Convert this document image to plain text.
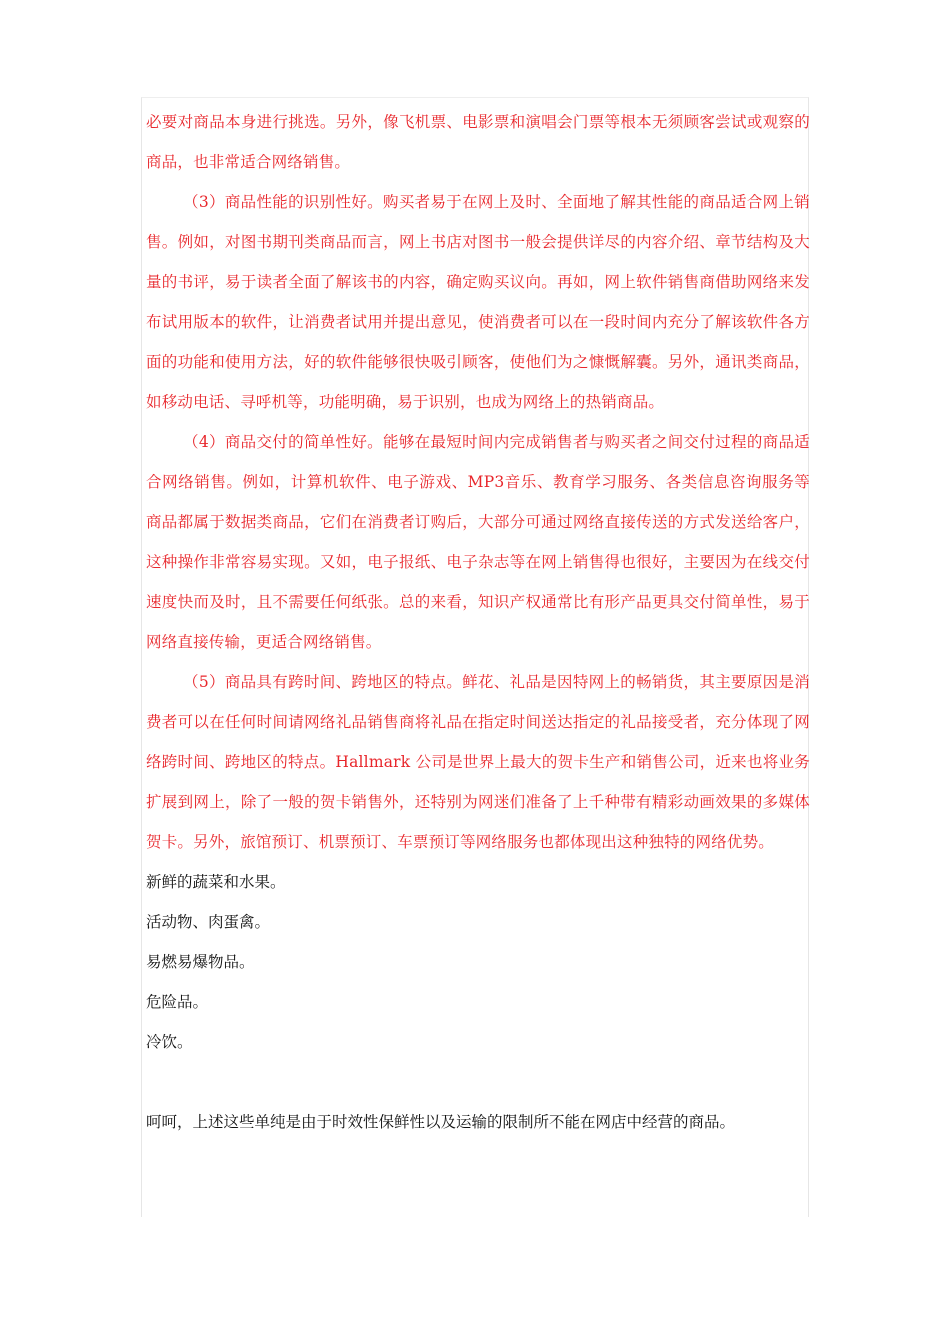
必要对商品本身进行挑选。另外，像飞机票、电影票和演唱会门票等根本无须顾客尝试或观察的商品，也非常适合网络销售。

（3）商品性能的识别性好。购买者易于在网上及时、全面地了解其性能的商品适合网上销售。例如，对图书期刊类商品而言，网上书店对图书一般会提供详尽的内容介绍、章节结构及大量的书评，易于读者全面了解该书的内容，确定购买议向。再如，网上软件销售商借助网络来发布试用版本的软件，让消费者试用并提出意见，使消费者可以在一段时间内充分了解该软件各方面的功能和使用方法，好的软件能够很快吸引顾客，使他们为之慷慨解囊。另外，通讯类商品，如移动电话、寻呼机等，功能明确，易于识别，也成为网络上的热销商品。

（4）商品交付的简单性好。能够在最短时间内完成销售者与购买者之间交付过程的商品适合网络销售。例如，计算机软件、电子游戏、MP3音乐、教育学习服务、各类信息咨询服务等商品都属于数据类商品，它们在消费者订购后，大部分可通过网络直接传送的方式发送给客户，这种操作非常容易实现。又如，电子报纸、电子杂志等在网上销售得也很好，主要因为在线交付速度快而及时，且不需要任何纸张。总的来看，知识产权通常比有形产品更具交付简单性，易于网络直接传输，更适合网络销售。

（5）商品具有跨时间、跨地区的特点。鲜花、礼品是因特网上的畅销货，其主要原因是消费者可以在任何时间请网络礼品销售商将礼品在指定时间送达指定的礼品接受者，充分体现了网络跨时间、跨地区的特点。Hallmark 公司是世界上最大的贺卡生产和销售公司，近来也将业务扩展到网上，除了一般的贺卡销售外，还特别为网迷们准备了上千种带有精彩动画效果的多媒体贺卡。另外，旅馆预订、机票预订、车票预订等网络服务也都体现出这种独特的网络优势。

新鲜的蔬菜和水果。

活动物、肉蛋禽。

易燃易爆物品。

危险品。

冷饮。

呵呵，上述这些单纯是由于时效性保鲜性以及运输的限制所不能在网店中经营的商品。
